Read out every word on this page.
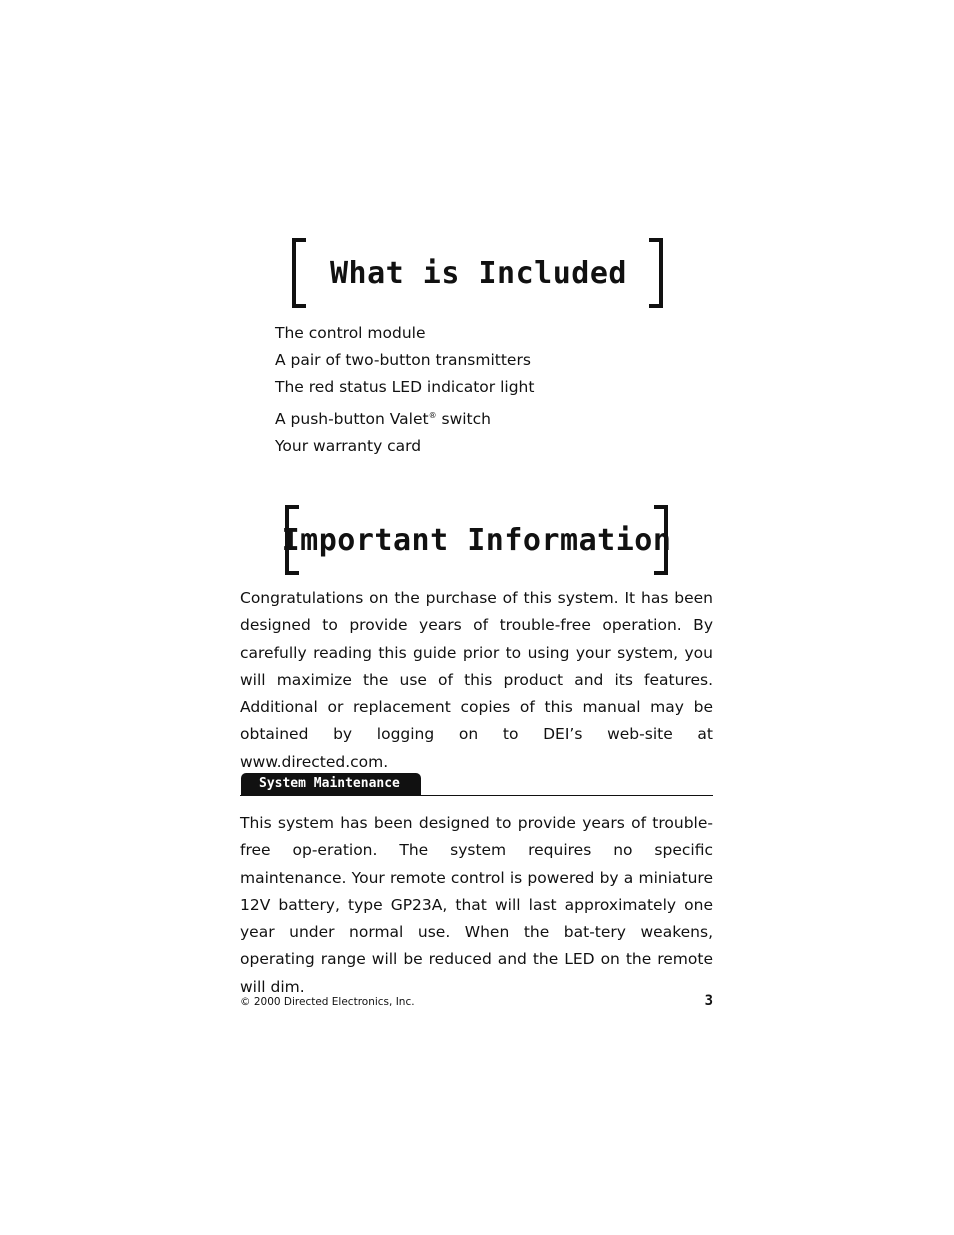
What is Included
The control module
A pair of two-button transmitters
The red status LED indicator light
A push-button Valet® switch
Your warranty card
Important Information

Congratulations on the purchase of this system. It has been designed to provide years of trouble-free operation. By carefully reading this guide prior to using your system, you will maximize the use of this product and its features. Additional or replacement copies of this manual may be obtained by logging on to DEI’s web-site at www.directed.com.

System Maintenance

This system has been designed to provide years of trouble-free op-eration. The system requires no specific maintenance. Your remote control is powered by a miniature 12V battery, type GP23A, that will last approximately one year under normal use. When the bat-tery weakens, operating range will be reduced and the LED on the remote will dim.

© 2000 Directed Electronics, Inc.	3
